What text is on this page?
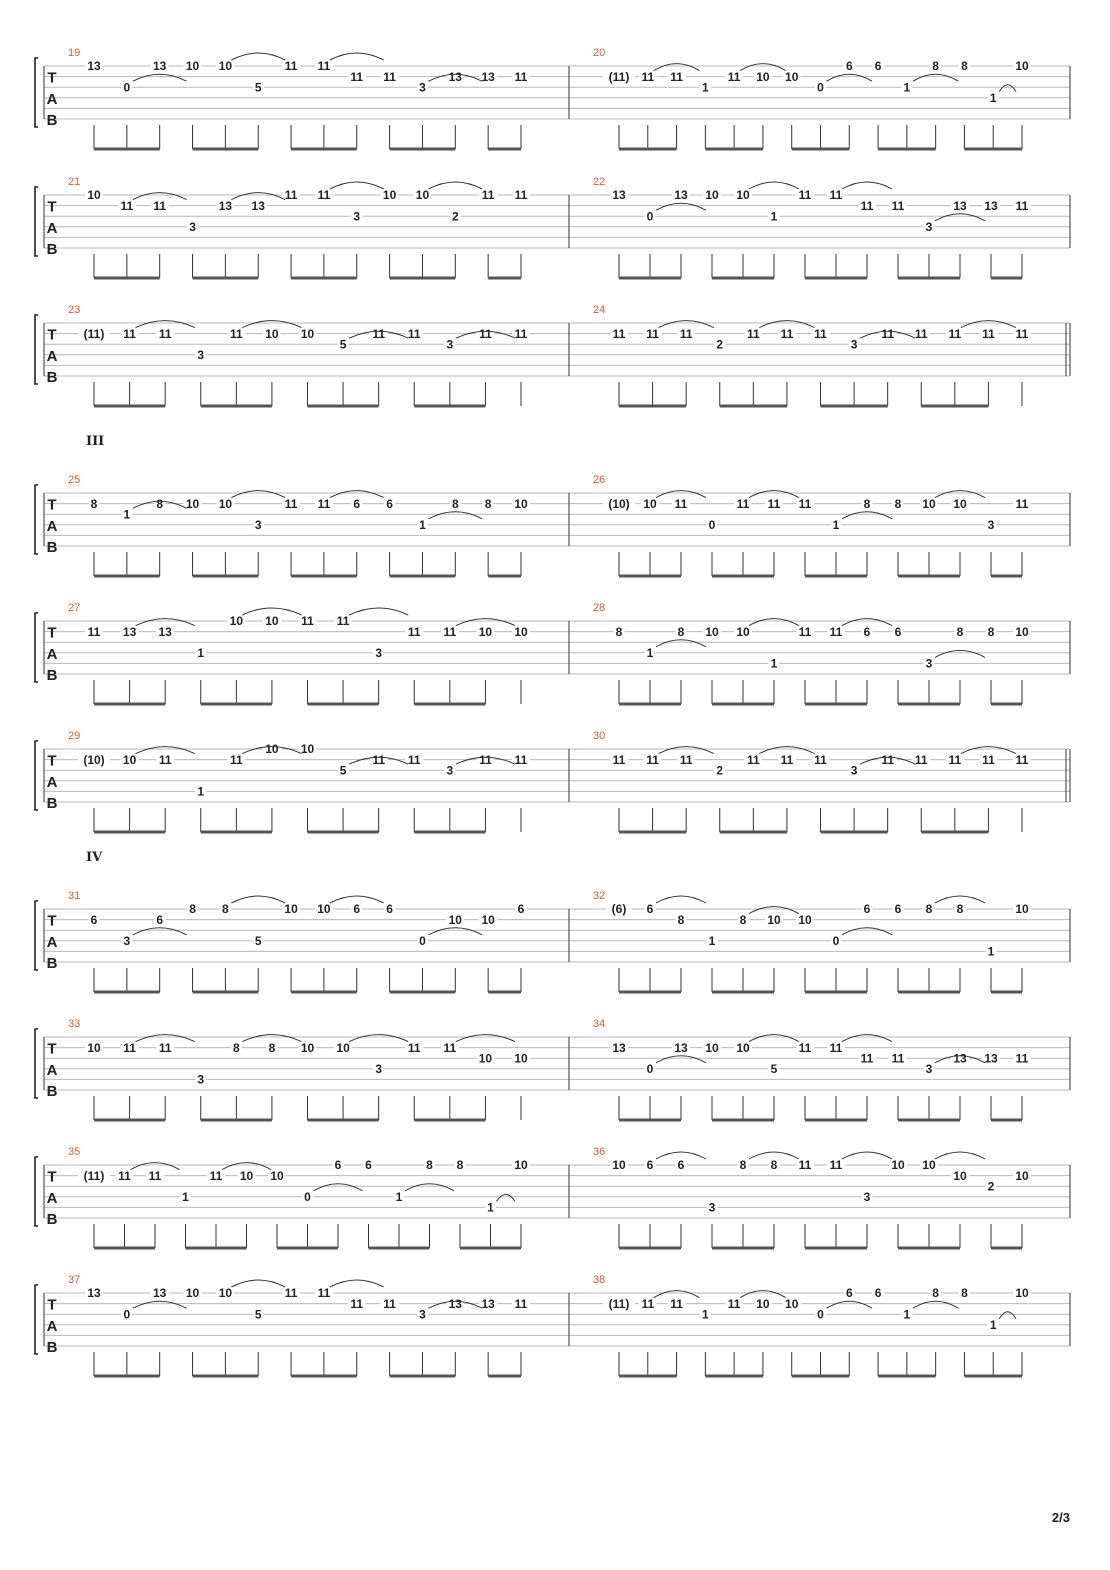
T
A
B
19
13
0
13 10 10
5
11 11
11 11
3
13 13 11
20
(11) 11 11
1
11 10 10
0
6 6
1
8 8
1
10
T
A
B
21
10
11 11
3
13 13
11 11
3
10 10
2
11 11
22
13
0
13 10 10
1
11 11
11 11
3
13 13 11
T
A
B
23
(11) 11 11
3
11 10 10
5
11 11
3
11 11
24
11 11 11
2
11 11 11
3
11 11 11 11 11
T
A
B
III
25
8
1
8 10 10
3
11 11 6 6
1
8 8 10
26
(10) 10 11
0
11 11 11
1
8 8 10 10
3
11
T
A
B
27
11 13 13
1
10 10 11 11
3
11 11 10 10
28
8
1
8 10 10
1
11 11 6 6
3
8 8 10
T
A
B
29
(10) 10 11
1
11
10 10
5
11 11
3
11 11
30
11 11 11
2
11 11 11
3
11 11 11 11 11
T
A
B
IV
31
6
3
6
8 8
5
10 10 6 6
0
10 10
6
32
(6) 6
8
1
8 10 10
0
6 6 8 8
1
10
T
A
B
33
10 11 11
3
8 8 10 10
3
11 11
10 10
34
13
0
13 10 10
5
11 11
11 11
3
13 13 11
T
A
B
35
(11) 11 11
1
11 10 10
0
6 6
1
8 8
1
10
36
10 6 6
3
8 8 11 11
3
10 10
10
2
10
T
A
B
37
13
0
13 10 10
5
11 11
11 11
3
13 13 11
38
(11) 11 11
1
11 10 10
0
6 6
1
8 8
1
10
2/3
